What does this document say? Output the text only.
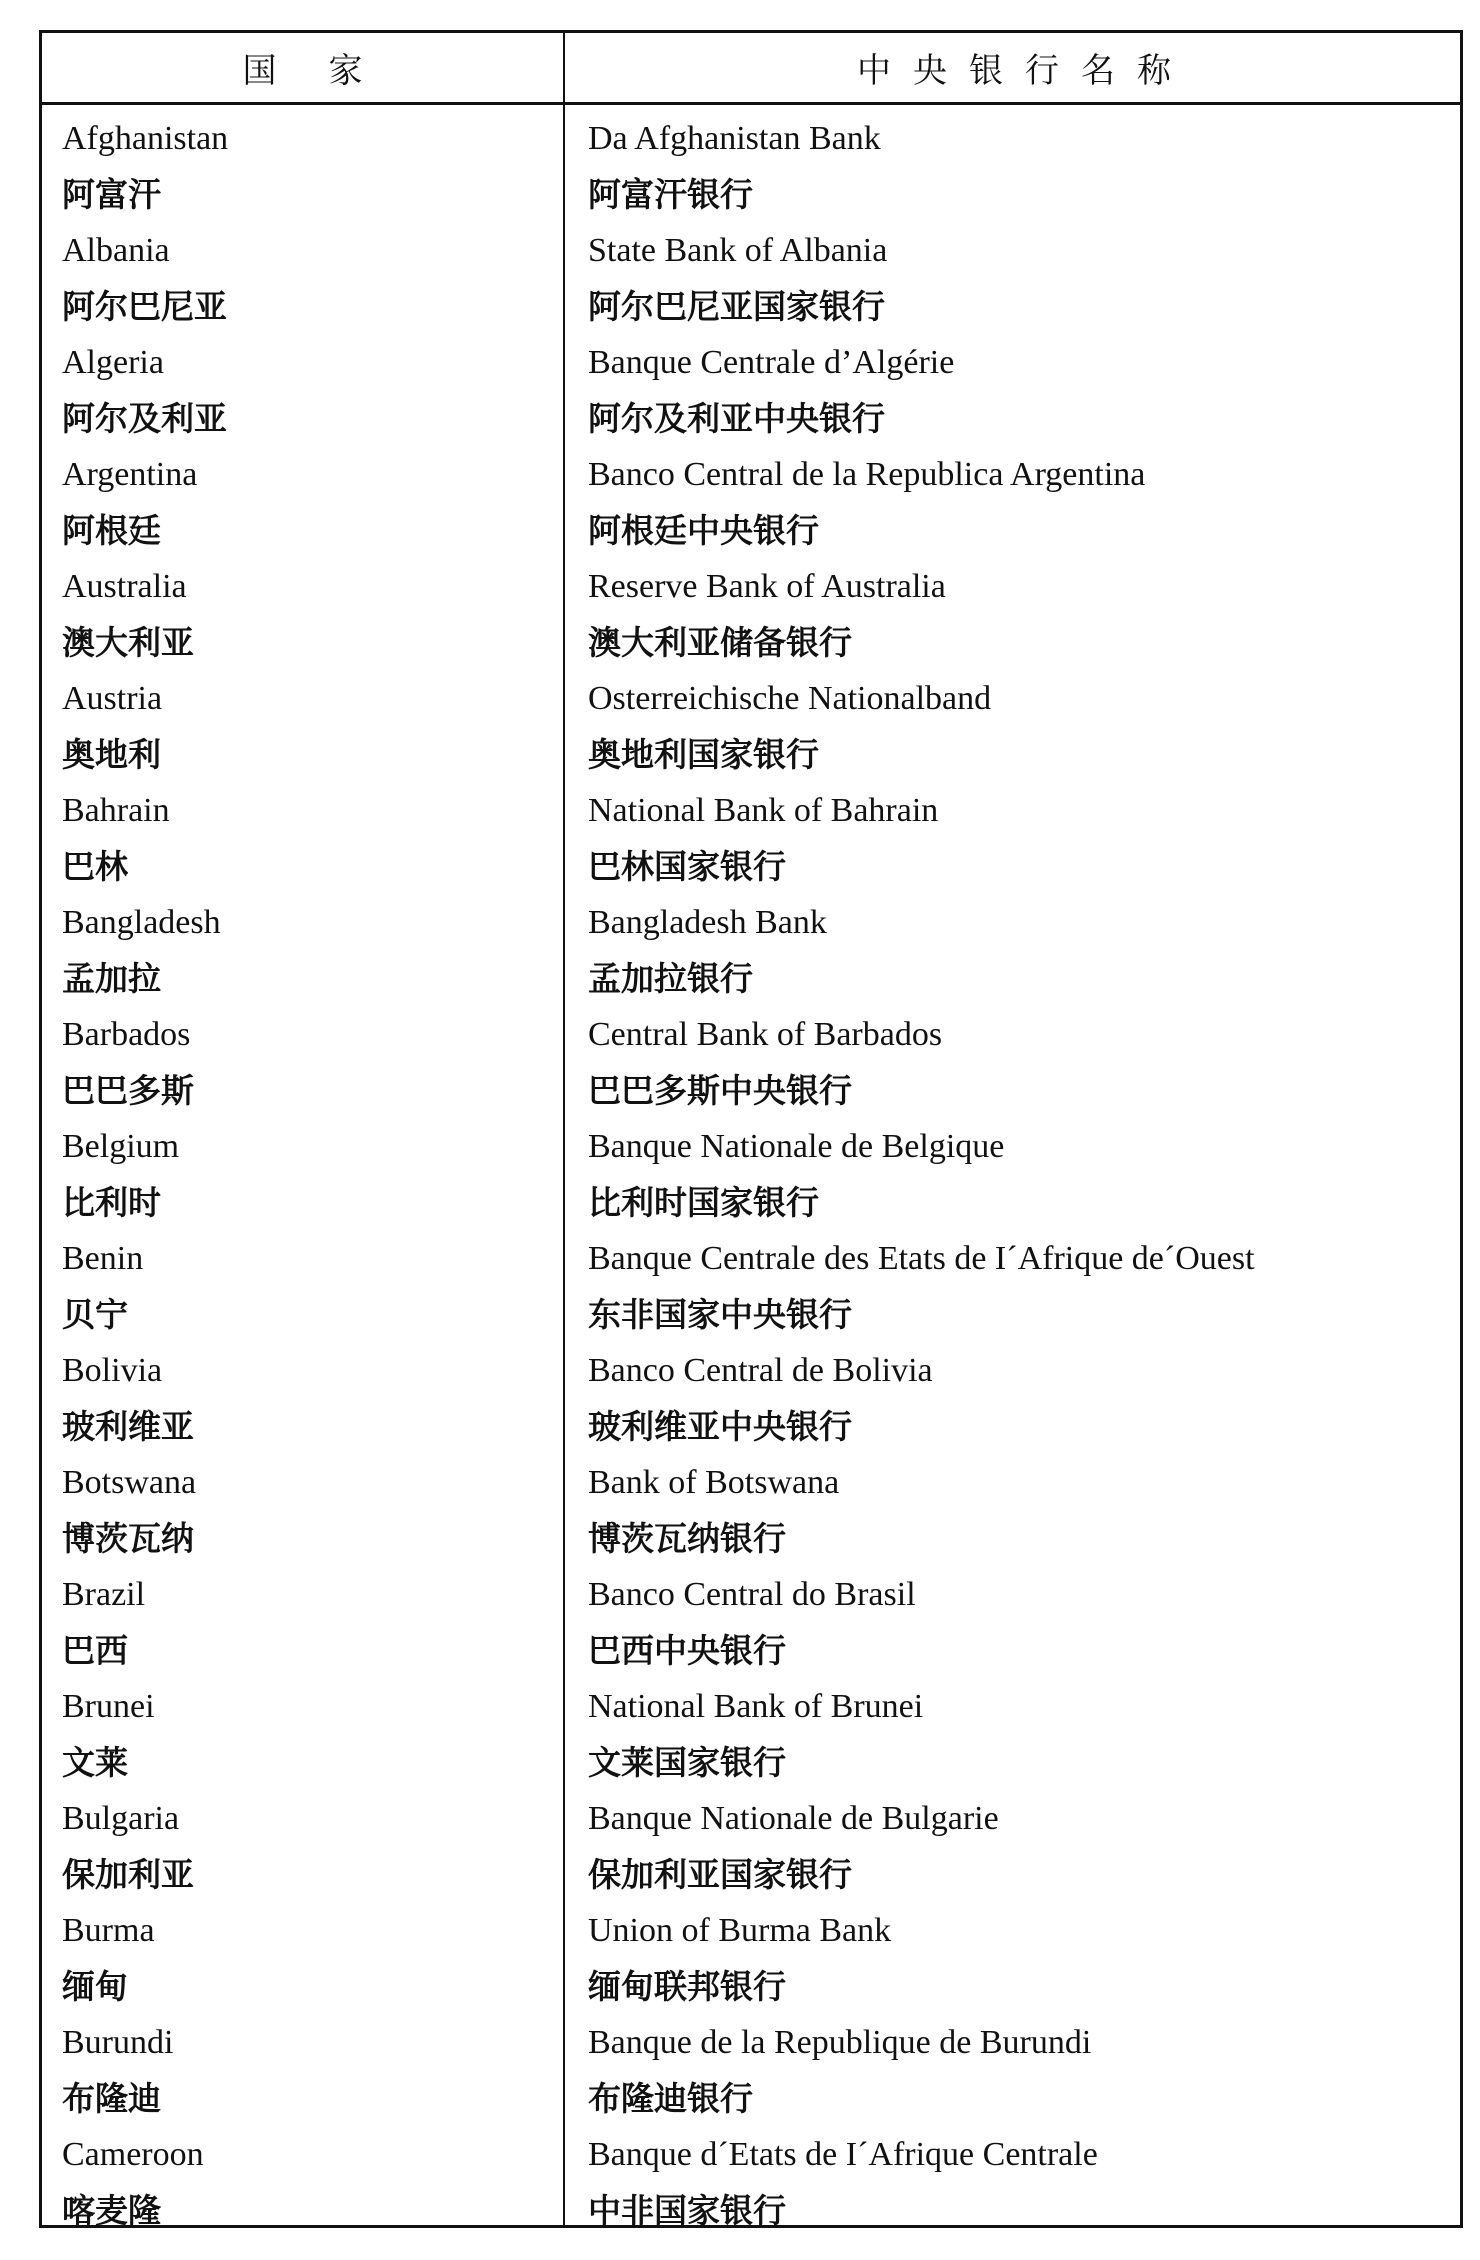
国家	中央银行名称
Afghanistan	Da Afghanistan Bank
阿富汗	阿富汗银行
Albania	State Bank of Albania
阿尔巴尼亚	阿尔巴尼亚国家银行
Algeria	Banque Centrale d’Algérie
阿尔及利亚	阿尔及利亚中央银行
Argentina	Banco Central de la Republica Argentina
阿根廷	阿根廷中央银行
Australia	Reserve Bank of Australia
澳大利亚	澳大利亚储备银行
Austria	Osterreichische Nationalband
奥地利	奥地利国家银行
Bahrain	National Bank of Bahrain
巴林	巴林国家银行
Bangladesh	Bangladesh Bank
孟加拉	孟加拉银行
Barbados	Central Bank of Barbados
巴巴多斯	巴巴多斯中央银行
Belgium	Banque Nationale de Belgique
比利时	比利时国家银行
Benin	Banque Centrale des Etats de I´Afrique de´Ouest
贝宁	东非国家中央银行
Bolivia	Banco Central de Bolivia
玻利维亚	玻利维亚中央银行
Botswana	Bank of Botswana
博茨瓦纳	博茨瓦纳银行
Brazil	Banco Central do Brasil
巴西	巴西中央银行
Brunei	National Bank of Brunei
文莱	文莱国家银行
Bulgaria	Banque Nationale de Bulgarie
保加利亚	保加利亚国家银行
Burma	Union of Burma Bank
缅甸	缅甸联邦银行
Burundi	Banque de la Republique de Burundi
布隆迪	布隆迪银行
Cameroon	Banque d´Etats de I´Afrique Centrale
喀麦隆	中非国家银行
